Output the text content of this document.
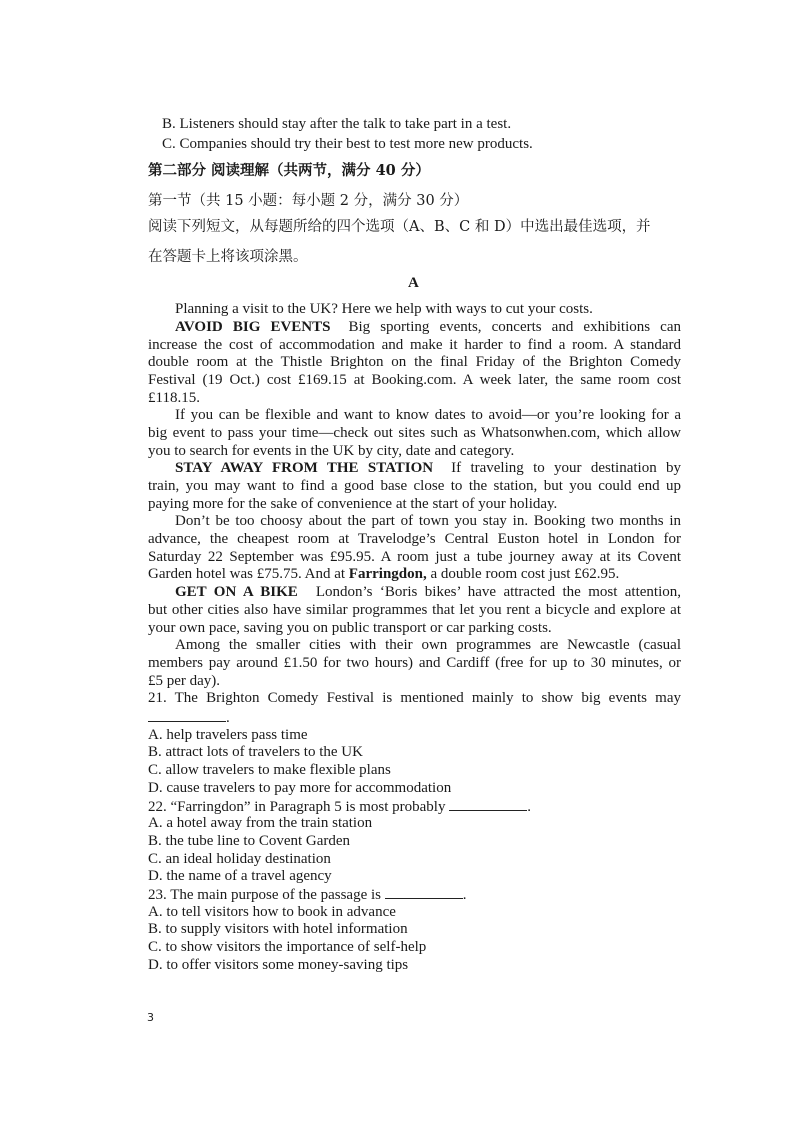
B. Listeners should stay after the talk to take part in a test.
C. Companies should try their best to test more new products.
第二部分 阅读理解（共两节，满分 40 分）
第一节（共 15 小题：每小题 2 分，满分 30 分）
阅读下列短文，从每题所给的四个选项（A、B、C 和 D）中选出最佳选项，并
在答题卡上将该项涂黑。
A
Planning a visit to the UK? Here we help with ways to cut your costs.
AVOID BIG EVENTS Big sporting events, concerts and exhibitions can
increase the cost of accommodation and make it harder to find a room. A standard
double room at the Thistle Brighton on the final Friday of the Brighton Comedy
Festival (19 Oct.) cost £169.15 at Booking.com. A week later, the same room cost
£118.15.
If you can be flexible and want to know dates to avoid—or you’re looking for a
big event to pass your time—check out sites such as Whatsonwhen.com, which allow
you to search for events in the UK by city, date and category.
STAY AWAY FROM THE STATION If traveling to your destination by
train, you may want to find a good base close to the station, but you could end up
paying more for the sake of convenience at the start of your holiday.
Don’t be too choosy about the part of town you stay in. Booking two months in
advance, the cheapest room at Travelodge’s Central Euston hotel in London for
Saturday 22 September was £95.95. A room just a tube journey away at its Covent
Garden hotel was £75.75. And at Farringdon, a double room cost just £62.95.
GET ON A BIKE London’s ‘Boris bikes’ have attracted the most attention,
but other cities also have similar programmes that let you rent a bicycle and explore at
your own pace, saving you on public transport or car parking costs.
Among the smaller cities with their own programmes are Newcastle (casual
members pay around £1.50 for two hours) and Cardiff (free for up to 30 minutes, or
£5 per day).
21. The Brighton Comedy Festival is mentioned mainly to show big events may
.
A. help travelers pass time
B. attract lots of travelers to the UK
C. allow travelers to make flexible plans
D. cause travelers to pay more for accommodation
22. “Farringdon” in Paragraph 5 is most probably	.
A. a hotel away from the train station
B. the tube line to Covent Garden
C. an ideal holiday destination
D. the name of a travel agency
23. The main purpose of the passage is	.
A. to tell visitors how to book in advance
B. to supply visitors with hotel information
C. to show visitors the importance of self-help
D. to offer visitors some money-saving tips
3
